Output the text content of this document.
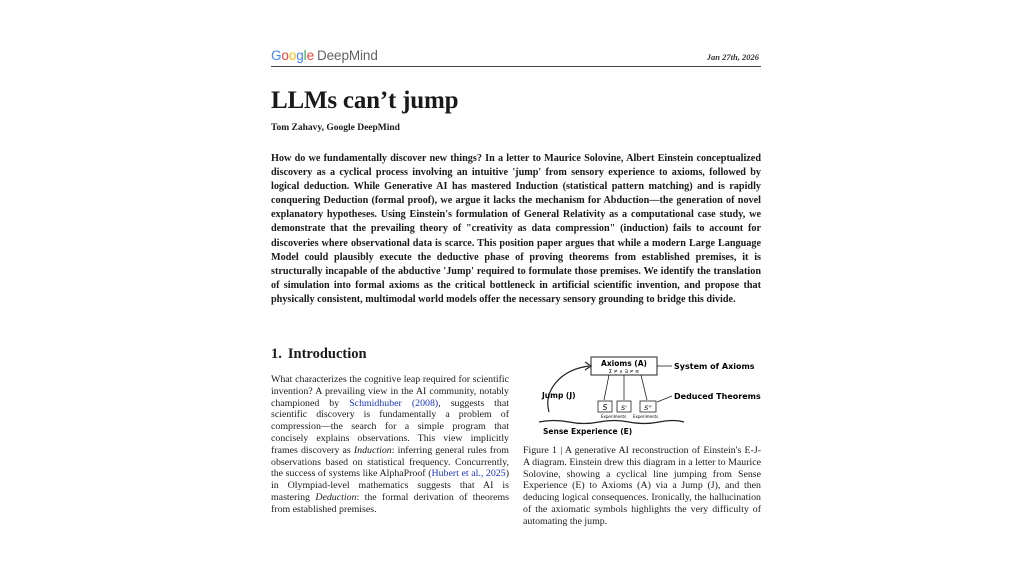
Google DeepMind	Jan 27th, 2026
LLMs can’t jump
Tom Zahavy, Google DeepMind
How do we fundamentally discover new things? In a letter to Maurice Solovine, Albert Einstein conceptualized discovery as a cyclical process involving an intuitive 'jump' from sensory experience to axioms, followed by logical deduction. While Generative AI has mastered Induction (statistical pattern matching) and is rapidly conquering Deduction (formal proof), we argue it lacks the mechanism for Abduction—the generation of novel explanatory hypotheses. Using Einstein's formulation of General Relativity as a computational case study, we demonstrate that the prevailing theory of "creativity as data compression" (induction) fails to account for discoveries where observational data is scarce. This position paper argues that while a modern Large Language Model could plausibly execute the deductive phase of proving theorems from established premises, it is structurally incapable of the abductive 'Jump' required to formulate those premises. We identify the translation of simulation into formal axioms as the critical bottleneck in artificial scientific invention, and propose that physically consistent, multimodal world models offer the necessary sensory grounding to bridge this divide.
1. Introduction
What characterizes the cognitive leap required for scientific invention? A prevailing view in the AI community, notably championed by Schmidhuber (2008), suggests that scientific discovery is fundamentally a problem of compression—the search for a simple program that concisely explains observations. This view implicitly frames discovery as Induction: inferring general rules from observations based on statistical frequency. Concurrently, the success of systems like AlphaProof (Hubert et al., 2025) in Olympiad-level mathematics suggests that AI is mastering Deduction: the formal derivation of theorems from established premises.
Axioms (A)
Σ ≠ ∧ ∃ ≠ ≡
System of Axioms
Jump (J)
S S'	S''
Deduced Theorems
Experiments Experiments
Sense Experience (E)
Figure 1 | A generative AI reconstruction of Einstein's E-J-A diagram. Einstein drew this diagram in a letter to Maurice Solovine, showing a cyclical line jumping from Sense Experience (E) to Axioms (A) via a Jump (J), and then deducing logical consequences. Ironically, the hallucination of the axiomatic symbols highlights the very difficulty of automating the jump.
